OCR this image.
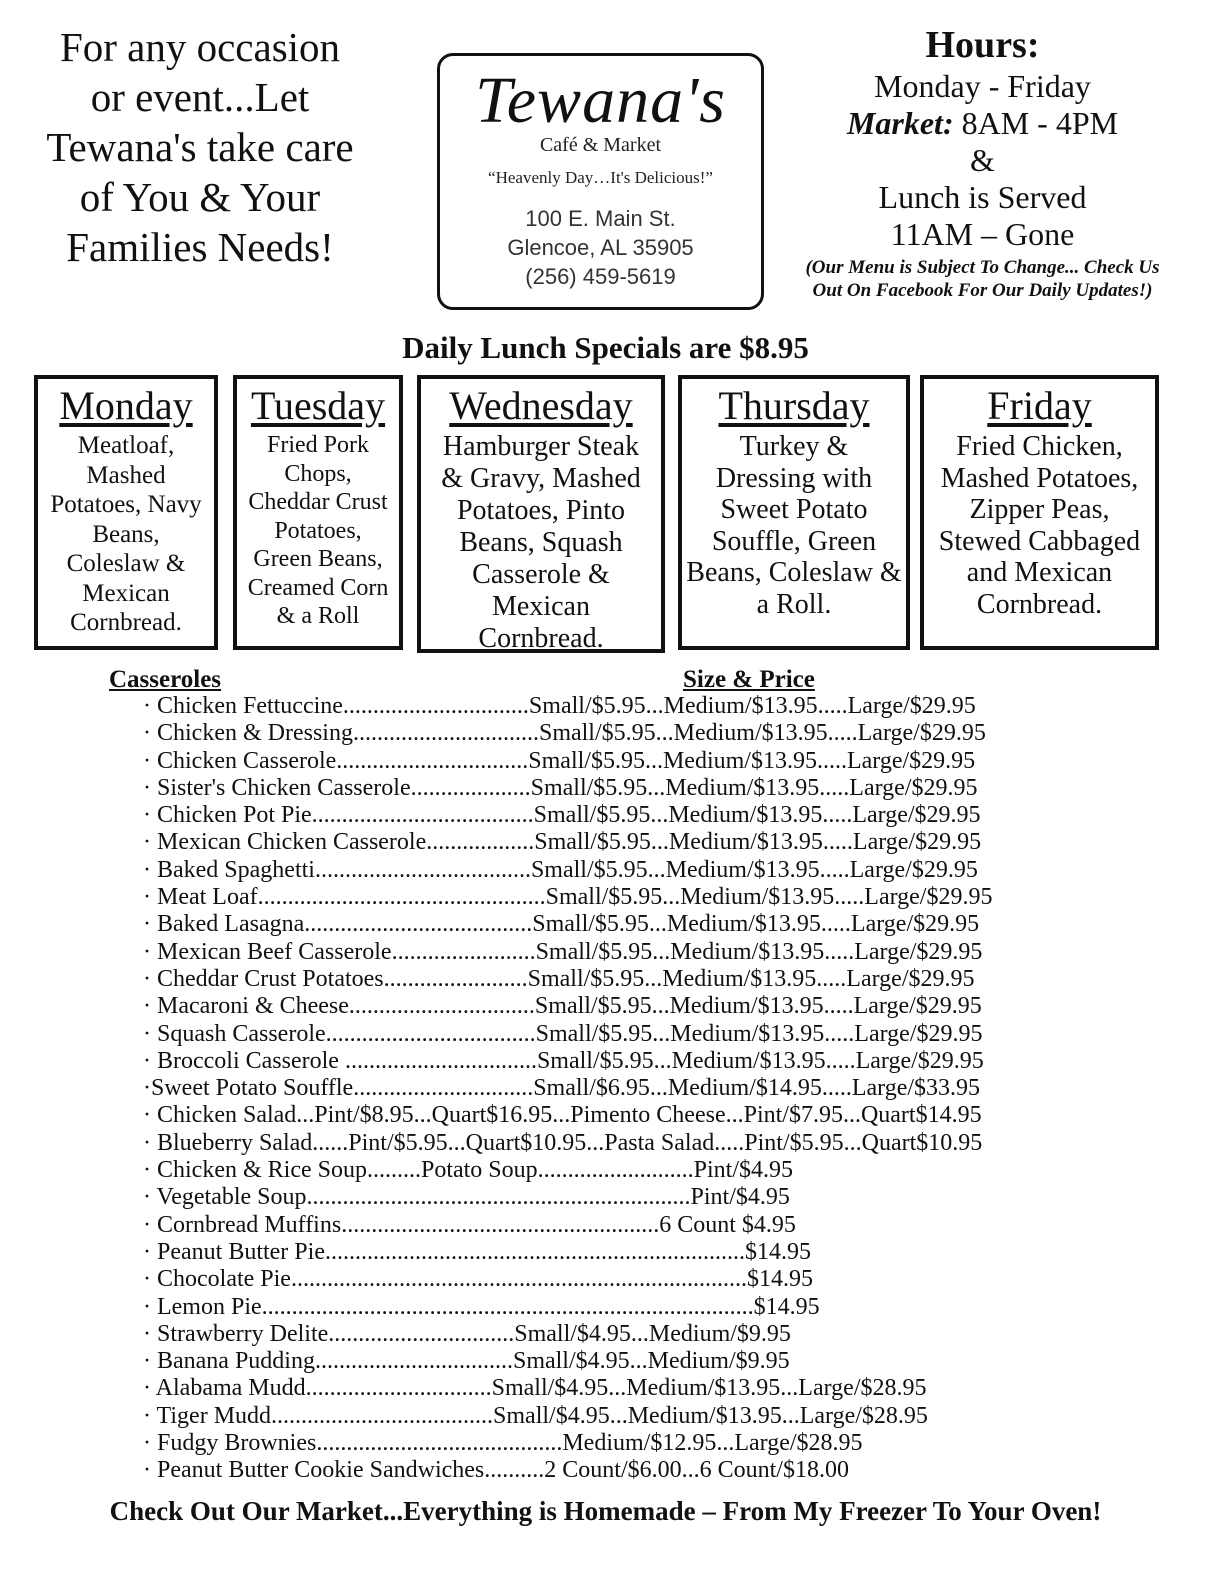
For any occasion
or event...Let
Tewana's take care
of You & Your
Families Needs!
Tewana's
Café & Market
“Heavenly Day…It's Delicious!”
100 E. Main St.
Glencoe, AL 35905
(256) 459-5619
Hours:
Monday - Friday
Market: 8AM - 4PM
&
Lunch is Served
11AM – Gone
(Our Menu is Subject To Change... Check Us Out On Facebook For Our Daily Updates!)
Daily Lunch Specials are $8.95
Monday
Meatloaf,
Mashed
Potatoes, Navy
Beans,
Coleslaw &
Mexican
Cornbread.
Tuesday
Fried Pork
Chops,
Cheddar Crust
Potatoes,
Green Beans,
Creamed Corn
& a Roll
Wednesday
Hamburger Steak
& Gravy, Mashed
Potatoes, Pinto
Beans, Squash
Casserole &
Mexican
Cornbread.
Thursday
Turkey &
Dressing with
Sweet Potato
Souffle, Green
Beans, Coleslaw &
a Roll.
Friday
Fried Chicken,
Mashed Potatoes,
Zipper Peas,
Stewed Cabbaged
and Mexican
Cornbread.
Casseroles	Size & Price
· Chicken Fettuccine...............................Small/$5.95...Medium/$13.95.....Large/$29.95
· Chicken & Dressing...............................Small/$5.95...Medium/$13.95.....Large/$29.95
· Chicken Casserole................................Small/$5.95...Medium/$13.95.....Large/$29.95
· Sister's Chicken Casserole....................Small/$5.95...Medium/$13.95.....Large/$29.95
· Chicken Pot Pie.....................................Small/$5.95...Medium/$13.95.....Large/$29.95
· Mexican Chicken Casserole..................Small/$5.95...Medium/$13.95.....Large/$29.95
· Baked Spaghetti....................................Small/$5.95...Medium/$13.95.....Large/$29.95
· Meat Loaf................................................Small/$5.95...Medium/$13.95.....Large/$29.95
· Baked Lasagna......................................Small/$5.95...Medium/$13.95.....Large/$29.95
· Mexican Beef Casserole........................Small/$5.95...Medium/$13.95.....Large/$29.95
· Cheddar Crust Potatoes........................Small/$5.95...Medium/$13.95.....Large/$29.95
· Macaroni & Cheese...............................Small/$5.95...Medium/$13.95.....Large/$29.95
· Squash Casserole...................................Small/$5.95...Medium/$13.95.....Large/$29.95
· Broccoli Casserole ................................Small/$5.95...Medium/$13.95.....Large/$29.95
·Sweet Potato Souffle..............................Small/$6.95...Medium/$14.95.....Large/$33.95
· Chicken Salad...Pint/$8.95...Quart$16.95...Pimento Cheese...Pint/$7.95...Quart$14.95
· Blueberry Salad......Pint/$5.95...Quart$10.95...Pasta Salad.....Pint/$5.95...Quart$10.95
· Chicken & Rice Soup.........Potato Soup..........................Pint/$4.95
· Vegetable Soup................................................................Pint/$4.95
· Cornbread Muffins.....................................................6 Count $4.95
· Peanut Butter Pie......................................................................$14.95
· Chocolate Pie............................................................................$14.95
· Lemon Pie..................................................................................$14.95
· Strawberry Delite...............................Small/$4.95...Medium/$9.95
· Banana Pudding.................................Small/$4.95...Medium/$9.95
· Alabama Mudd...............................Small/$4.95...Medium/$13.95...Large/$28.95
· Tiger Mudd.....................................Small/$4.95...Medium/$13.95...Large/$28.95
· Fudgy Brownies.........................................Medium/$12.95...Large/$28.95
· Peanut Butter Cookie Sandwiches..........2 Count/$6.00...6 Count/$18.00
Check Out Our Market...Everything is Homemade – From My Freezer To Your Oven!
